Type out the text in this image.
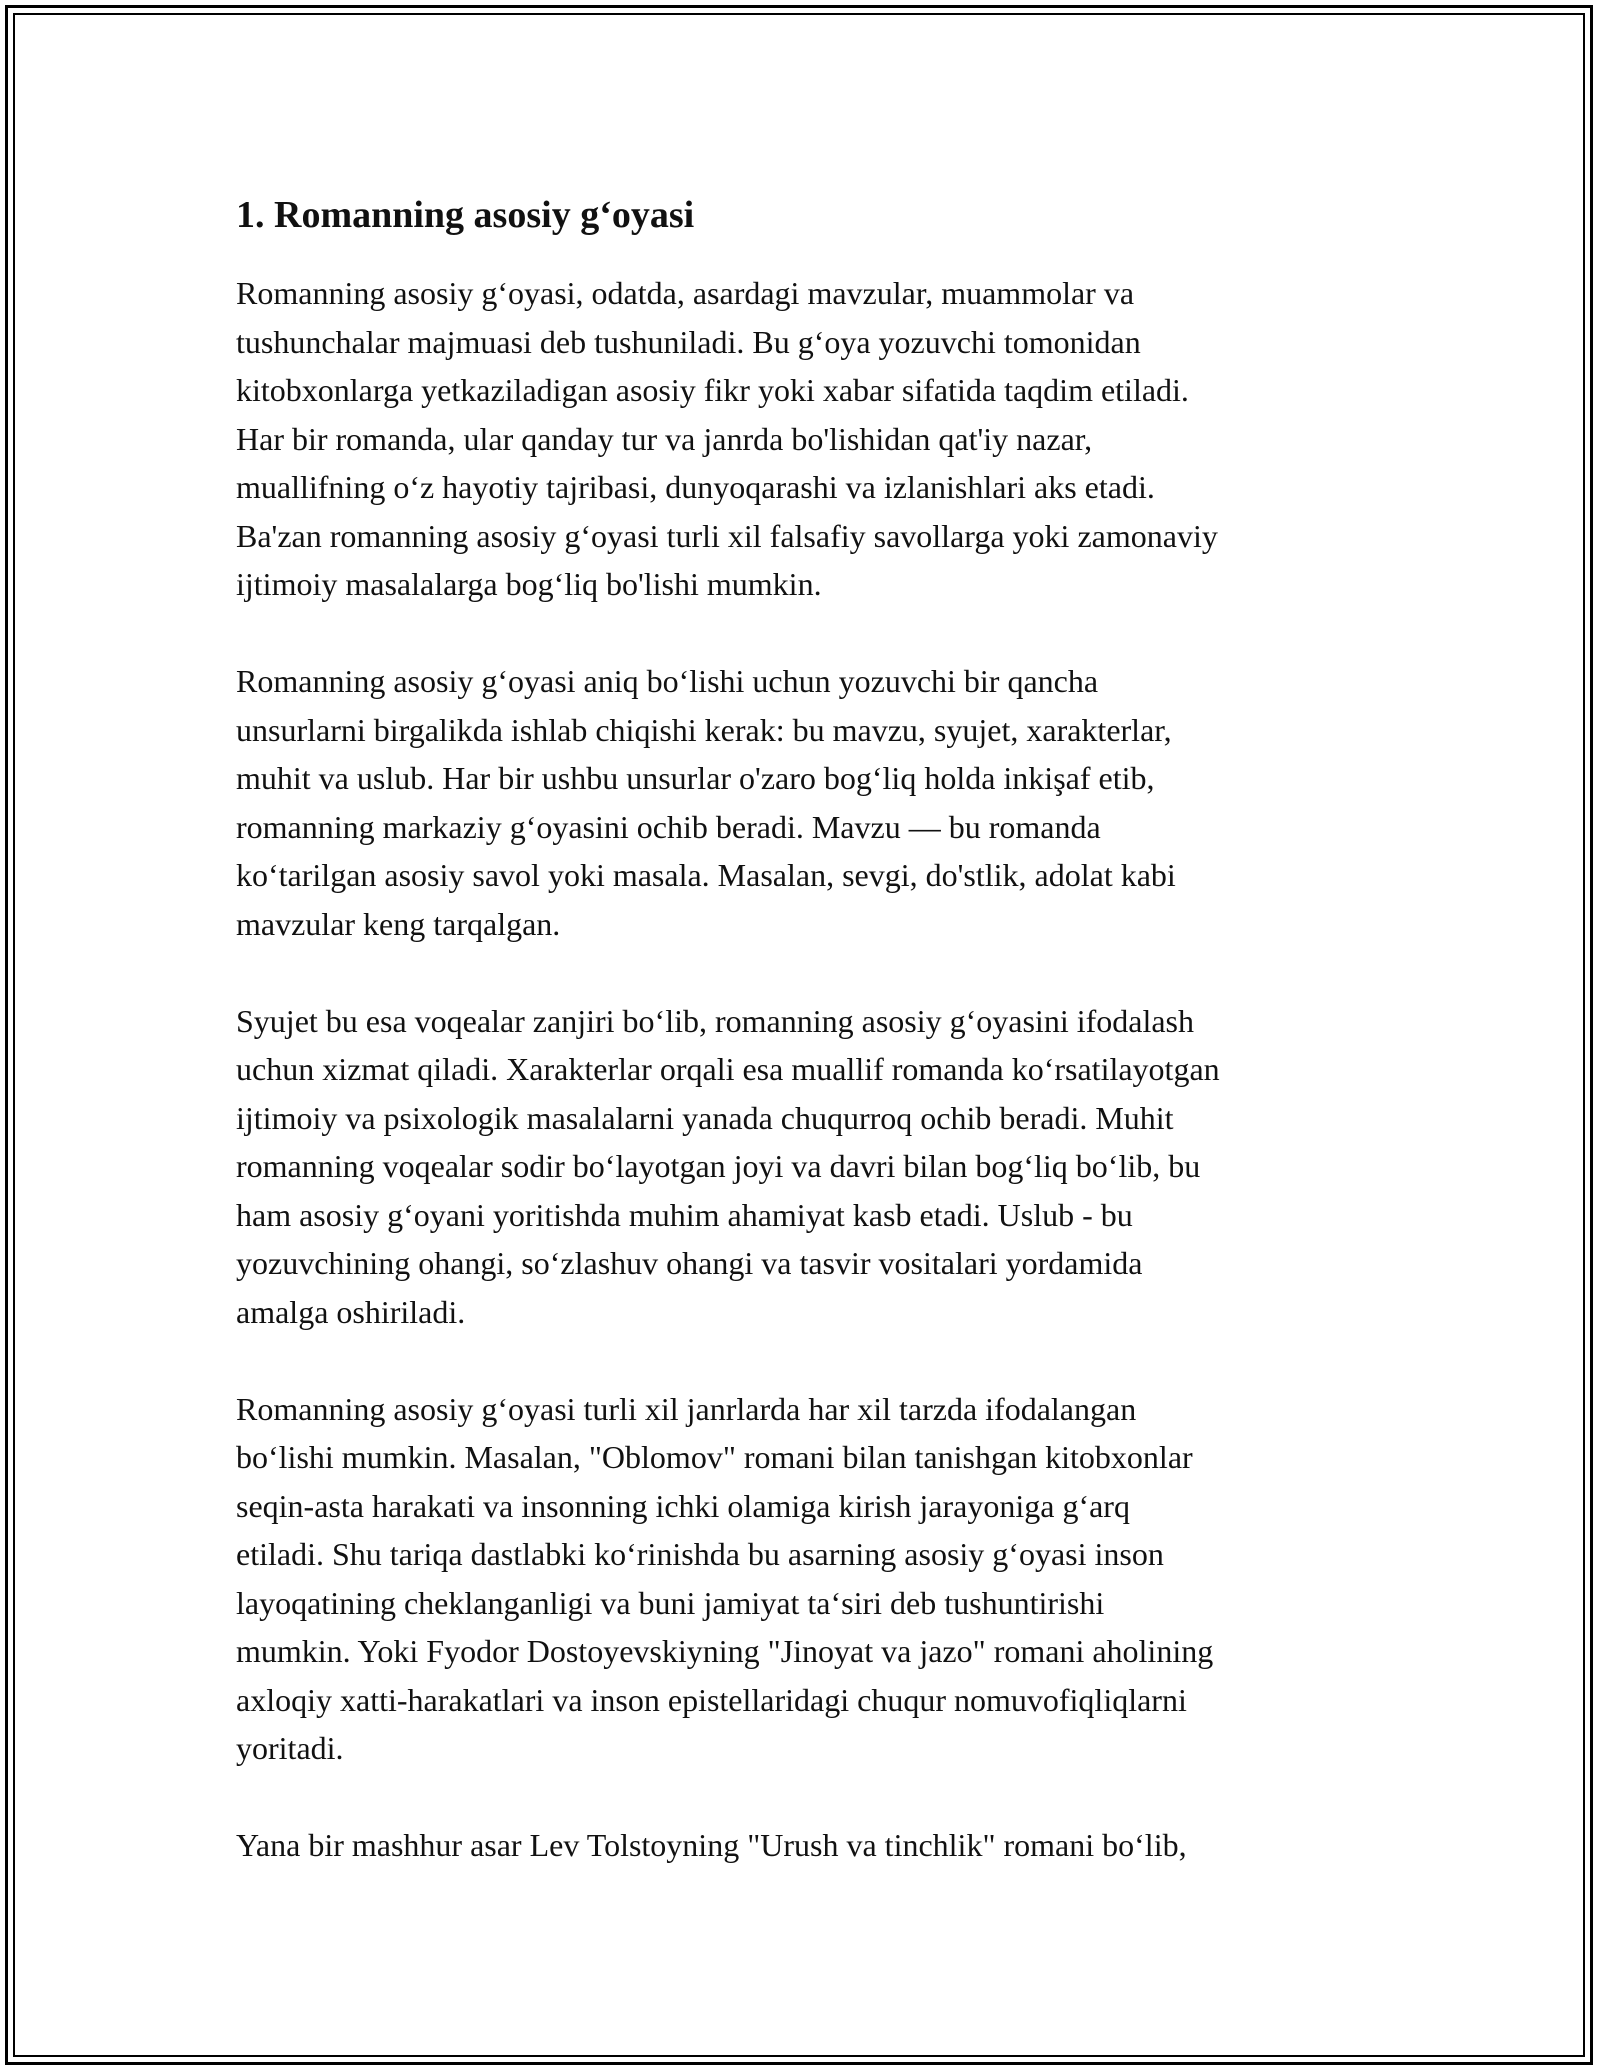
1. Romanning asosiy g‘oyasi

Romanning asosiy g‘oyasi, odatda, asardagi mavzular, muammolar va
tushunchalar majmuasi deb tushuniladi. Bu g‘oya yozuvchi tomonidan
kitobxonlarga yetkaziladigan asosiy fikr yoki xabar sifatida taqdim etiladi.
Har bir romanda, ular qanday tur va janrda bo'lishidan qat'iy nazar,
muallifning o‘z hayotiy tajribasi, dunyoqarashi va izlanishlari aks etadi.
Ba'zan romanning asosiy g‘oyasi turli xil falsafiy savollarga yoki zamonaviy
ijtimoiy masalalarga bog‘liq bo'lishi mumkin.

Romanning asosiy g‘oyasi aniq bo‘lishi uchun yozuvchi bir qancha
unsurlarni birgalikda ishlab chiqishi kerak: bu mavzu, syujet, xarakterlar,
muhit va uslub. Har bir ushbu unsurlar o'zaro bog‘liq holda inkişaf etib,
romanning markaziy g‘oyasini ochib beradi. Mavzu — bu romanda
ko‘tarilgan asosiy savol yoki masala. Masalan, sevgi, do'stlik, adolat kabi
mavzular keng tarqalgan.

Syujet bu esa voqealar zanjiri bo‘lib, romanning asosiy g‘oyasini ifodalash
uchun xizmat qiladi. Xarakterlar orqali esa muallif romanda ko‘rsatilayotgan
ijtimoiy va psixologik masalalarni yanada chuqurroq ochib beradi. Muhit
romanning voqealar sodir bo‘layotgan joyi va davri bilan bog‘liq bo‘lib, bu
ham asosiy g‘oyani yoritishda muhim ahamiyat kasb etadi. Uslub - bu
yozuvchining ohangi, so‘zlashuv ohangi va tasvir vositalari yordamida
amalga oshiriladi.

Romanning asosiy g‘oyasi turli xil janrlarda har xil tarzda ifodalangan
bo‘lishi mumkin. Masalan, "Oblomov" romani bilan tanishgan kitobxonlar
seqin-asta harakati va insonning ichki olamiga kirish jarayoniga g‘arq
etiladi. Shu tariqa dastlabki ko‘rinishda bu asarning asosiy g‘oyasi inson
layoqatining cheklanganligi va buni jamiyat ta‘siri deb tushuntirishi
mumkin. Yoki Fyodor Dostoyevskiyning "Jinoyat va jazo" romani aholining
axloqiy xatti-harakatlari va inson epistellaridagi chuqur nomuvofiqliqlarni
yoritadi.

Yana bir mashhur asar Lev Tolstoyning "Urush va tinchlik" romani bo‘lib,
